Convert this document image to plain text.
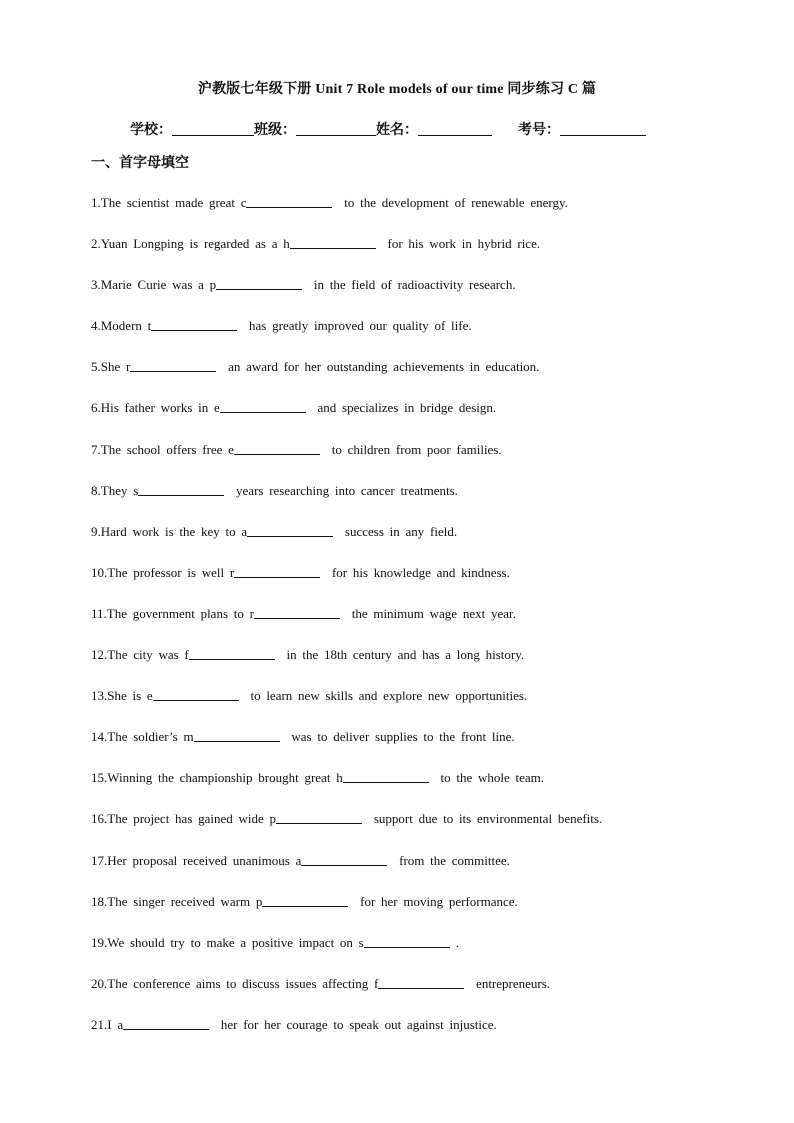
沪教版七年级下册 Unit 7 Role models of our time 同步练习 C 篇
学校：	班级：	姓名：	考号：
一、首字母填空
1.The scientist made great c	to the development of renewable energy.
2.Yuan Longping is regarded as a h	for his work in hybrid rice.
3.Marie Curie was a p	in the field of radioactivity research.
4.Modern t	has greatly improved our quality of life.
5.She r	an award for her outstanding achievements in education.
6.His father works in e	and specializes in bridge design.
7.The school offers free e	to children from poor families.
8.They s	years researching into cancer treatments.
9.Hard work is the key to a	success in any field.
10.The professor is well r	for his knowledge and kindness.
11.The government plans to r	the minimum wage next year.
12.The city was f	in the 18th century and has a long history.
13.She is e	to learn new skills and explore new opportunities.
14.The soldier’s m	was to deliver supplies to the front line.
15.Winning the championship brought great h	to the whole team.
16.The project has gained wide p	support due to its environmental benefits.
17.Her proposal received unanimous a	from the committee.
18.The singer received warm p	for her moving performance.
19.We should try to make a positive impact on s	.
20.The conference aims to discuss issues affecting f	entrepreneurs.
21.I a	her for her courage to speak out against injustice.
